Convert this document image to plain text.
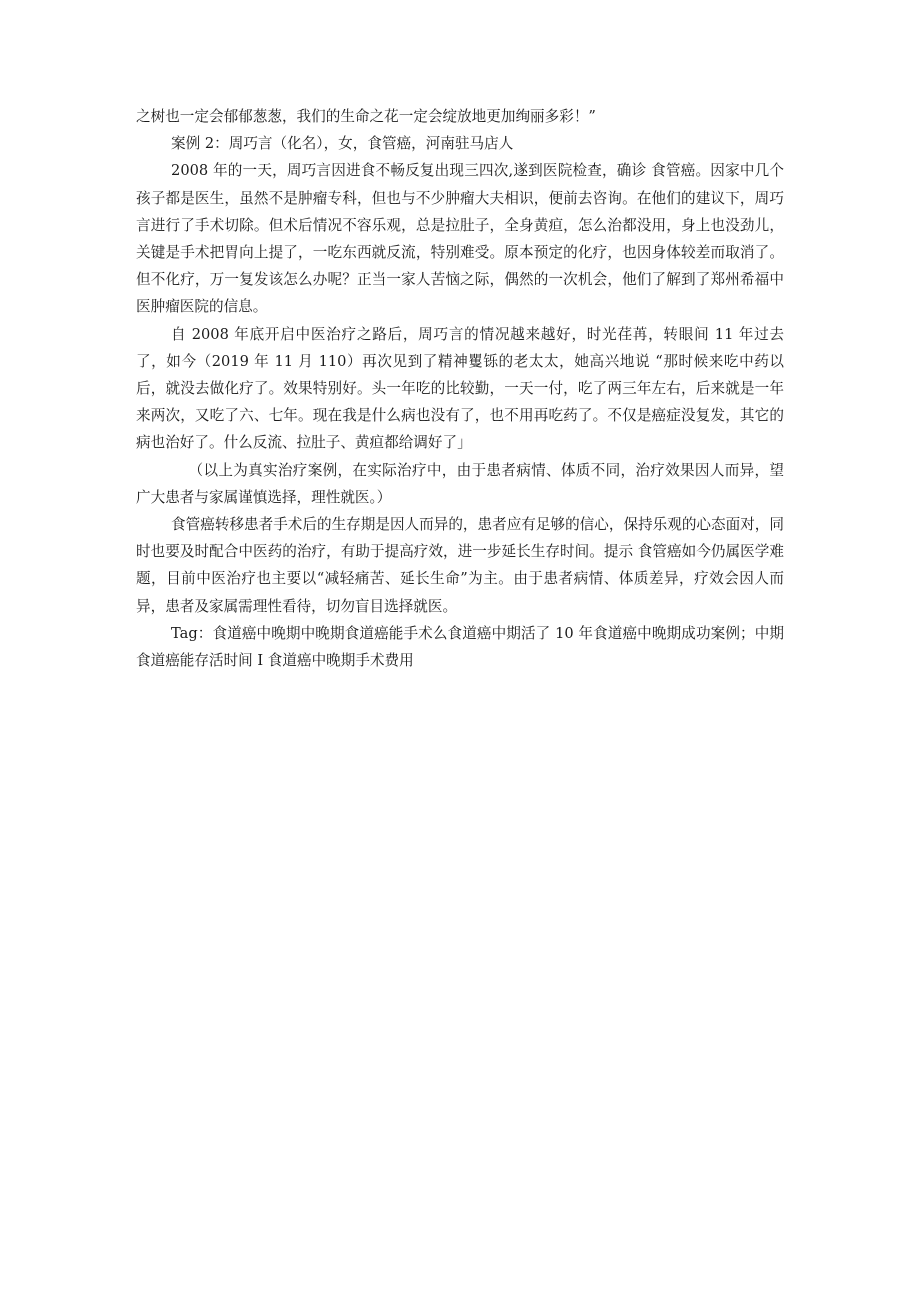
之树也一定会郁郁葱葱，我们的生命之花一定会绽放地更加绚丽多彩！”

案例 2：周巧言（化名），女，食管癌，河南驻马店人

2008 年的一天，周巧言因进食不畅反复出现三四次,遂到医院检查，确诊 食管癌。因家中几个孩子都是医生，虽然不是肿瘤专科，但也与不少肿瘤大夫相识，便前去咨询。在他们的建议下，周巧言进行了手术切除。但术后情况不容乐观，总是拉肚子，全身黄疸，怎么治都没用，身上也没劲儿，关键是手术把胃向上提了，一吃东西就反流，特别难受。原本预定的化疗，也因身体较差而取消了。但不化疗，万一复发该怎么办呢？正当一家人苦恼之际，偶然的一次机会，他们了解到了郑州希福中医肿瘤医院的信息。

自 2008 年底开启中医治疗之路后，周巧言的情况越来越好，时光荏苒，转眼间 11 年过去了，如今（2019 年 11 月 110）再次见到了精神矍铄的老太太，她高兴地说 “那时候来吃中药以后，就没去做化疗了。效果特别好。头一年吃的比较勤，一天一付，吃了两三年左右，后来就是一年来两次，又吃了六、七年。现在我是什么病也没有了，也不用再吃药了。不仅是癌症没复发，其它的病也治好了。什么反流、拉肚子、黄疸都给调好了」

（以上为真实治疗案例，在实际治疗中，由于患者病情、体质不同，治疗效果因人而异，望广大患者与家属谨慎选择，理性就医。）

食管癌转移患者手术后的生存期是因人而异的，患者应有足够的信心，保持乐观的心态面对，同时也要及时配合中医药的治疗，有助于提高疗效，进一步延长生存时间。提示 食管癌如今仍属医学难题，目前中医治疗也主要以“减轻痛苦、延长生命”为主。由于患者病情、体质差异，疗效会因人而异，患者及家属需理性看待，切勿盲目选择就医。

Tag：食道癌中晚期中晚期食道癌能手术么食道癌中期活了 10 年食道癌中晚期成功案例；中期食道癌能存活时间 I 食道癌中晚期手术费用
